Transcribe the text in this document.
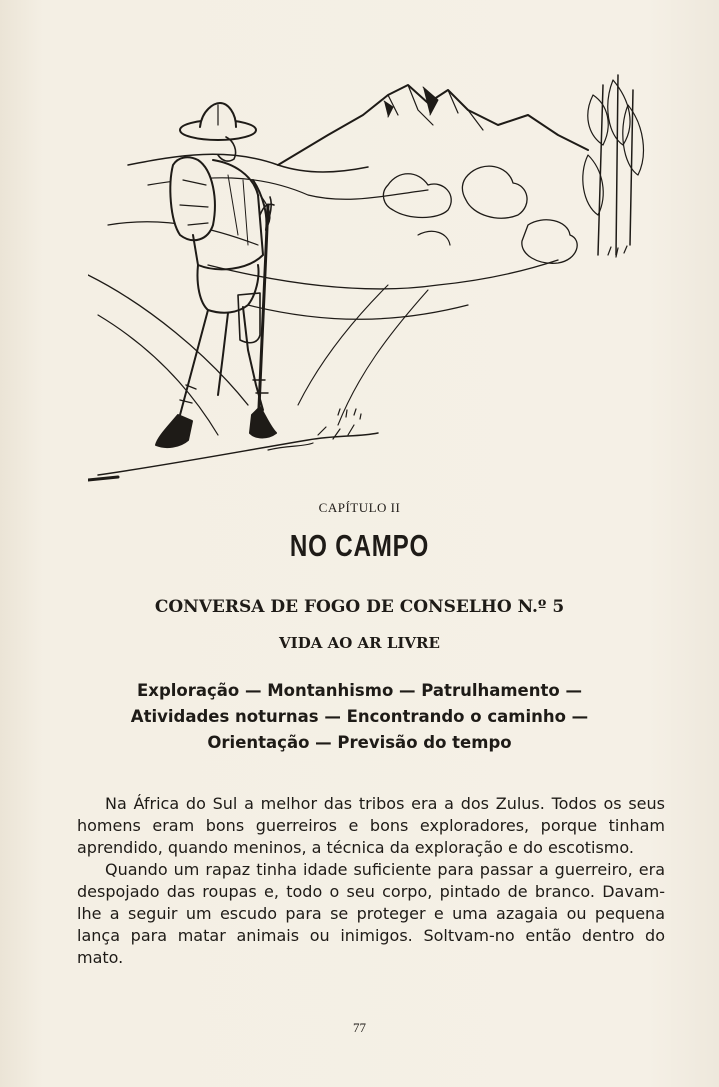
CAPÍTULO II
NO CAMPO
CONVERSA DE FOGO DE CONSELHO N.º 5
VIDA AO AR LIVRE
Exploração — Montanhismo — Patrulhamento —
Atividades noturnas — Encontrando o caminho —
Orientação — Previsão do tempo

Na África do Sul a melhor das tribos era a dos Zulus. Todos os seus homens eram bons guerreiros e bons exploradores, porque tinham aprendido, quando meninos, a técnica da exploração e do escotismo.

Quando um rapaz tinha idade suficiente para passar a guerreiro, era despojado das roupas e, todo o seu corpo, pintado de branco. Davam-lhe a seguir um escudo para se proteger e uma azagaia ou pequena lança para matar animais ou inimigos. Soltvam-no então dentro do mato.

77
